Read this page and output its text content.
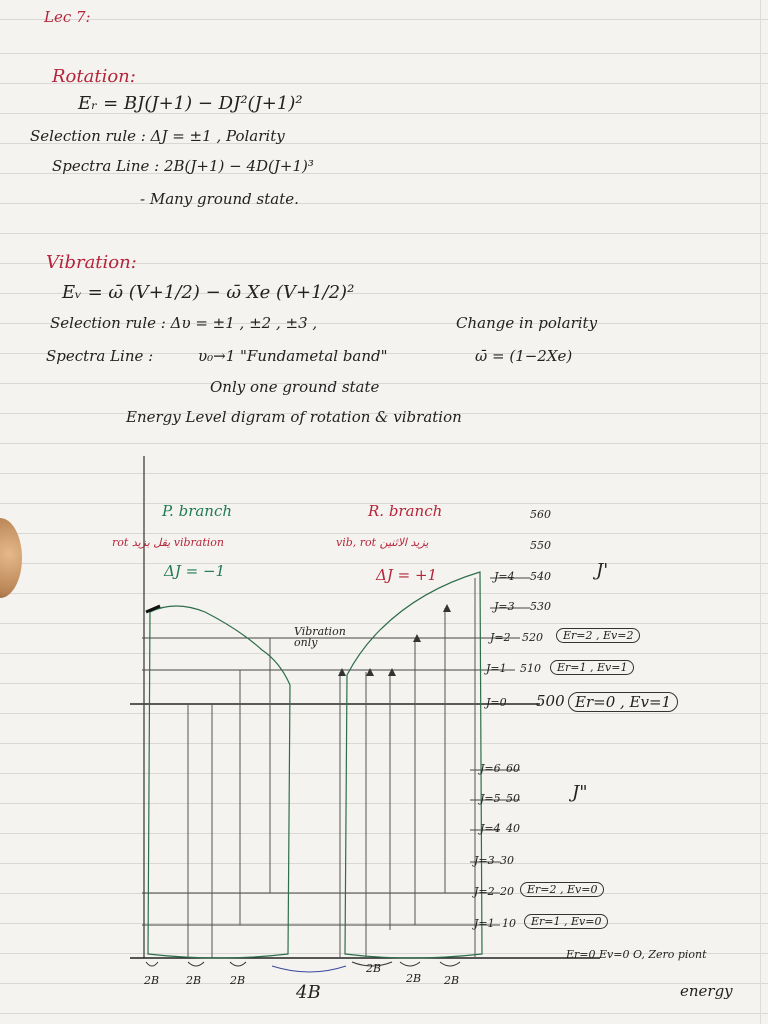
Lec 7:
Rotation:
Eᵣ = BJ(J+1) − DJ²(J+1)²
Selection rule : ΔJ = ±1 , Polarity
Spectra Line : 2B(J+1) − 4D(J+1)³
- Many ground state.
Vibration:
Eᵥ = ω̄ (V+1/2) − ω̄ Xe (V+1/2)²
Selection rule : Δυ = ±1 , ±2 , ±3 ,	Change in polarity
Spectra Line :	υ₀→1 "Fundametal band"	ω̄ = (1−2Xe)
Only one ground state
Energy Level digram of rotation & vibration
P. branch	R. branch
rot يقل بزيد vibration	vib, rot يزيد الاثنين
ΔJ = −1	ΔJ = +1
Vibration only
560
550
J=4 540
J=3 530
J=2 520	Er=2 , Ev=2
J=1 510	Er=1 , Ev=1
J=0 500 Er=0 , Ev=1
J'
J=6 60
J=5 50
J=4 40
J=3 30
J=2 20	Er=2 , Ev=0
J=1 10	Er=1 , Ev=0
J"
Er=0 Ev=0 O, Zero piont
energy
2B 2B	2B
4B
2B
2B 2B
